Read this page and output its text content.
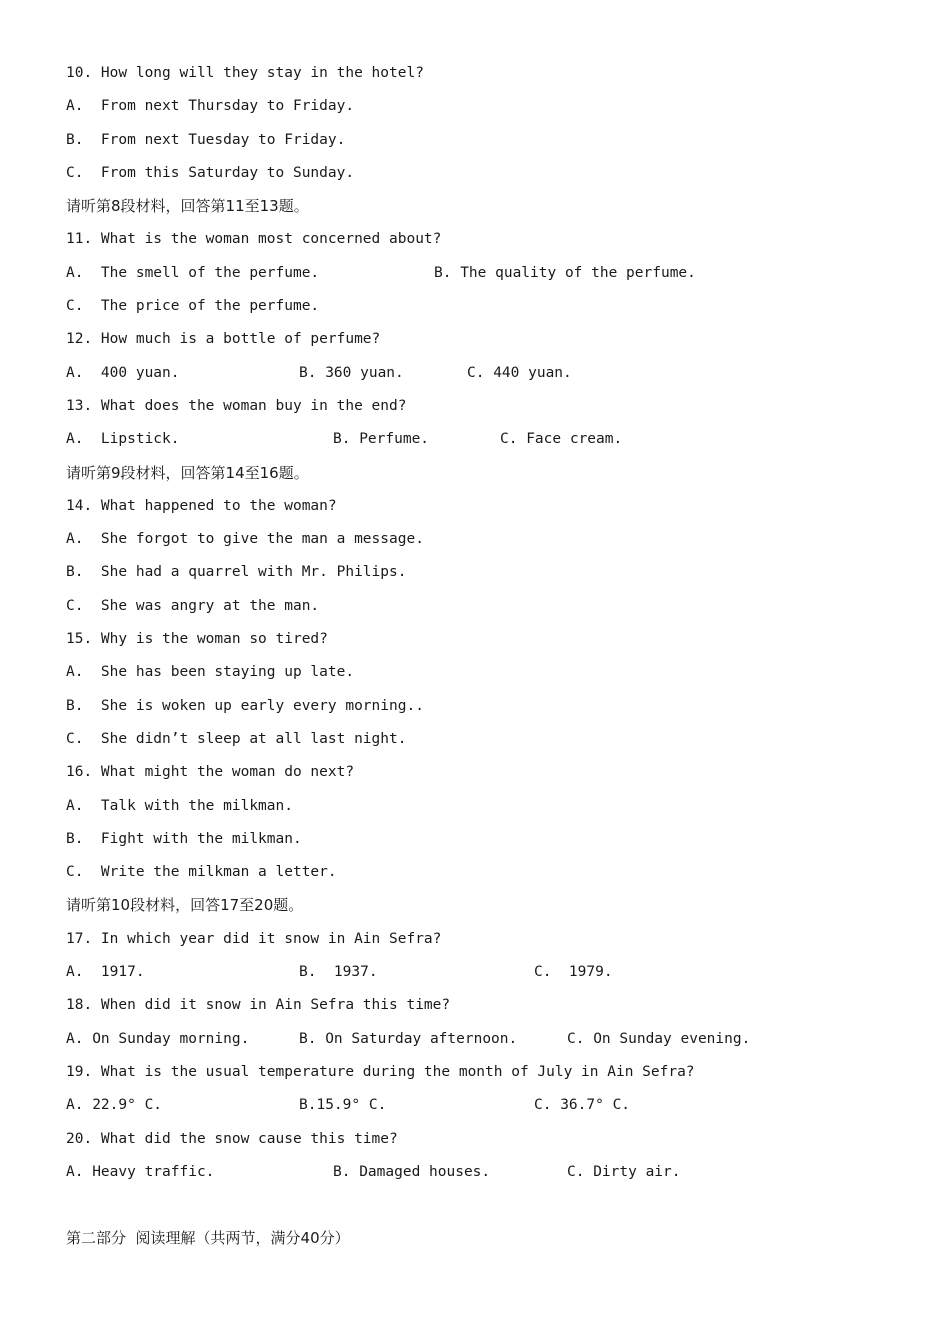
10. How long will they stay in the hotel?
A.  From next Thursday to Friday.
B.  From next Tuesday to Friday.
C.  From this Saturday to Sunday.
请听第8段材料，回答第11至13题。
11. What is the woman most concerned about?

A.  The smell of the perfume.

	B. The quality of the perfume.

C.  The price of the perfume.
12. How much is a bottle of perfume?

A.  400 yuan.

	B. 360 yuan.

	C. 440 yuan.

13. What does the woman buy in the end?

A.  Lipstick.

	B. Perfume.

	C. Face cream.

请听第9段材料，回答第14至16题。
14. What happened to the woman?
A.  She forgot to give the man a message.
B.  She had a quarrel with Mr. Philips.
C.  She was angry at the man.
15. Why is the woman so tired?
A.  She has been staying up late.
B.  She is woken up early every morning..
C.  She didn’t sleep at all last night.
16. What might the woman do next?
A.  Talk with the milkman.
B.  Fight with the milkman.
C.  Write the milkman a letter.
请听第10段材料，回答17至20题。
17. In which year did it snow in Ain Sefra?

A.  1917.

	B.  1937.

	C.  1979.

18. When did it snow in Ain Sefra this time?

A. On Sunday morning.

	B. On Saturday afternoon.

	C. On Sunday evening.

19. What is the usual temperature during the month of July in Ain Sefra?

A. 22.9° C.

	B.15.9° C.

	C. 36.7° C.

20. What did the snow cause this time?

A. Heavy traffic.

	B. Damaged houses.

	C. Dirty air.

第二部分  阅读理解（共两节，满分40分）
